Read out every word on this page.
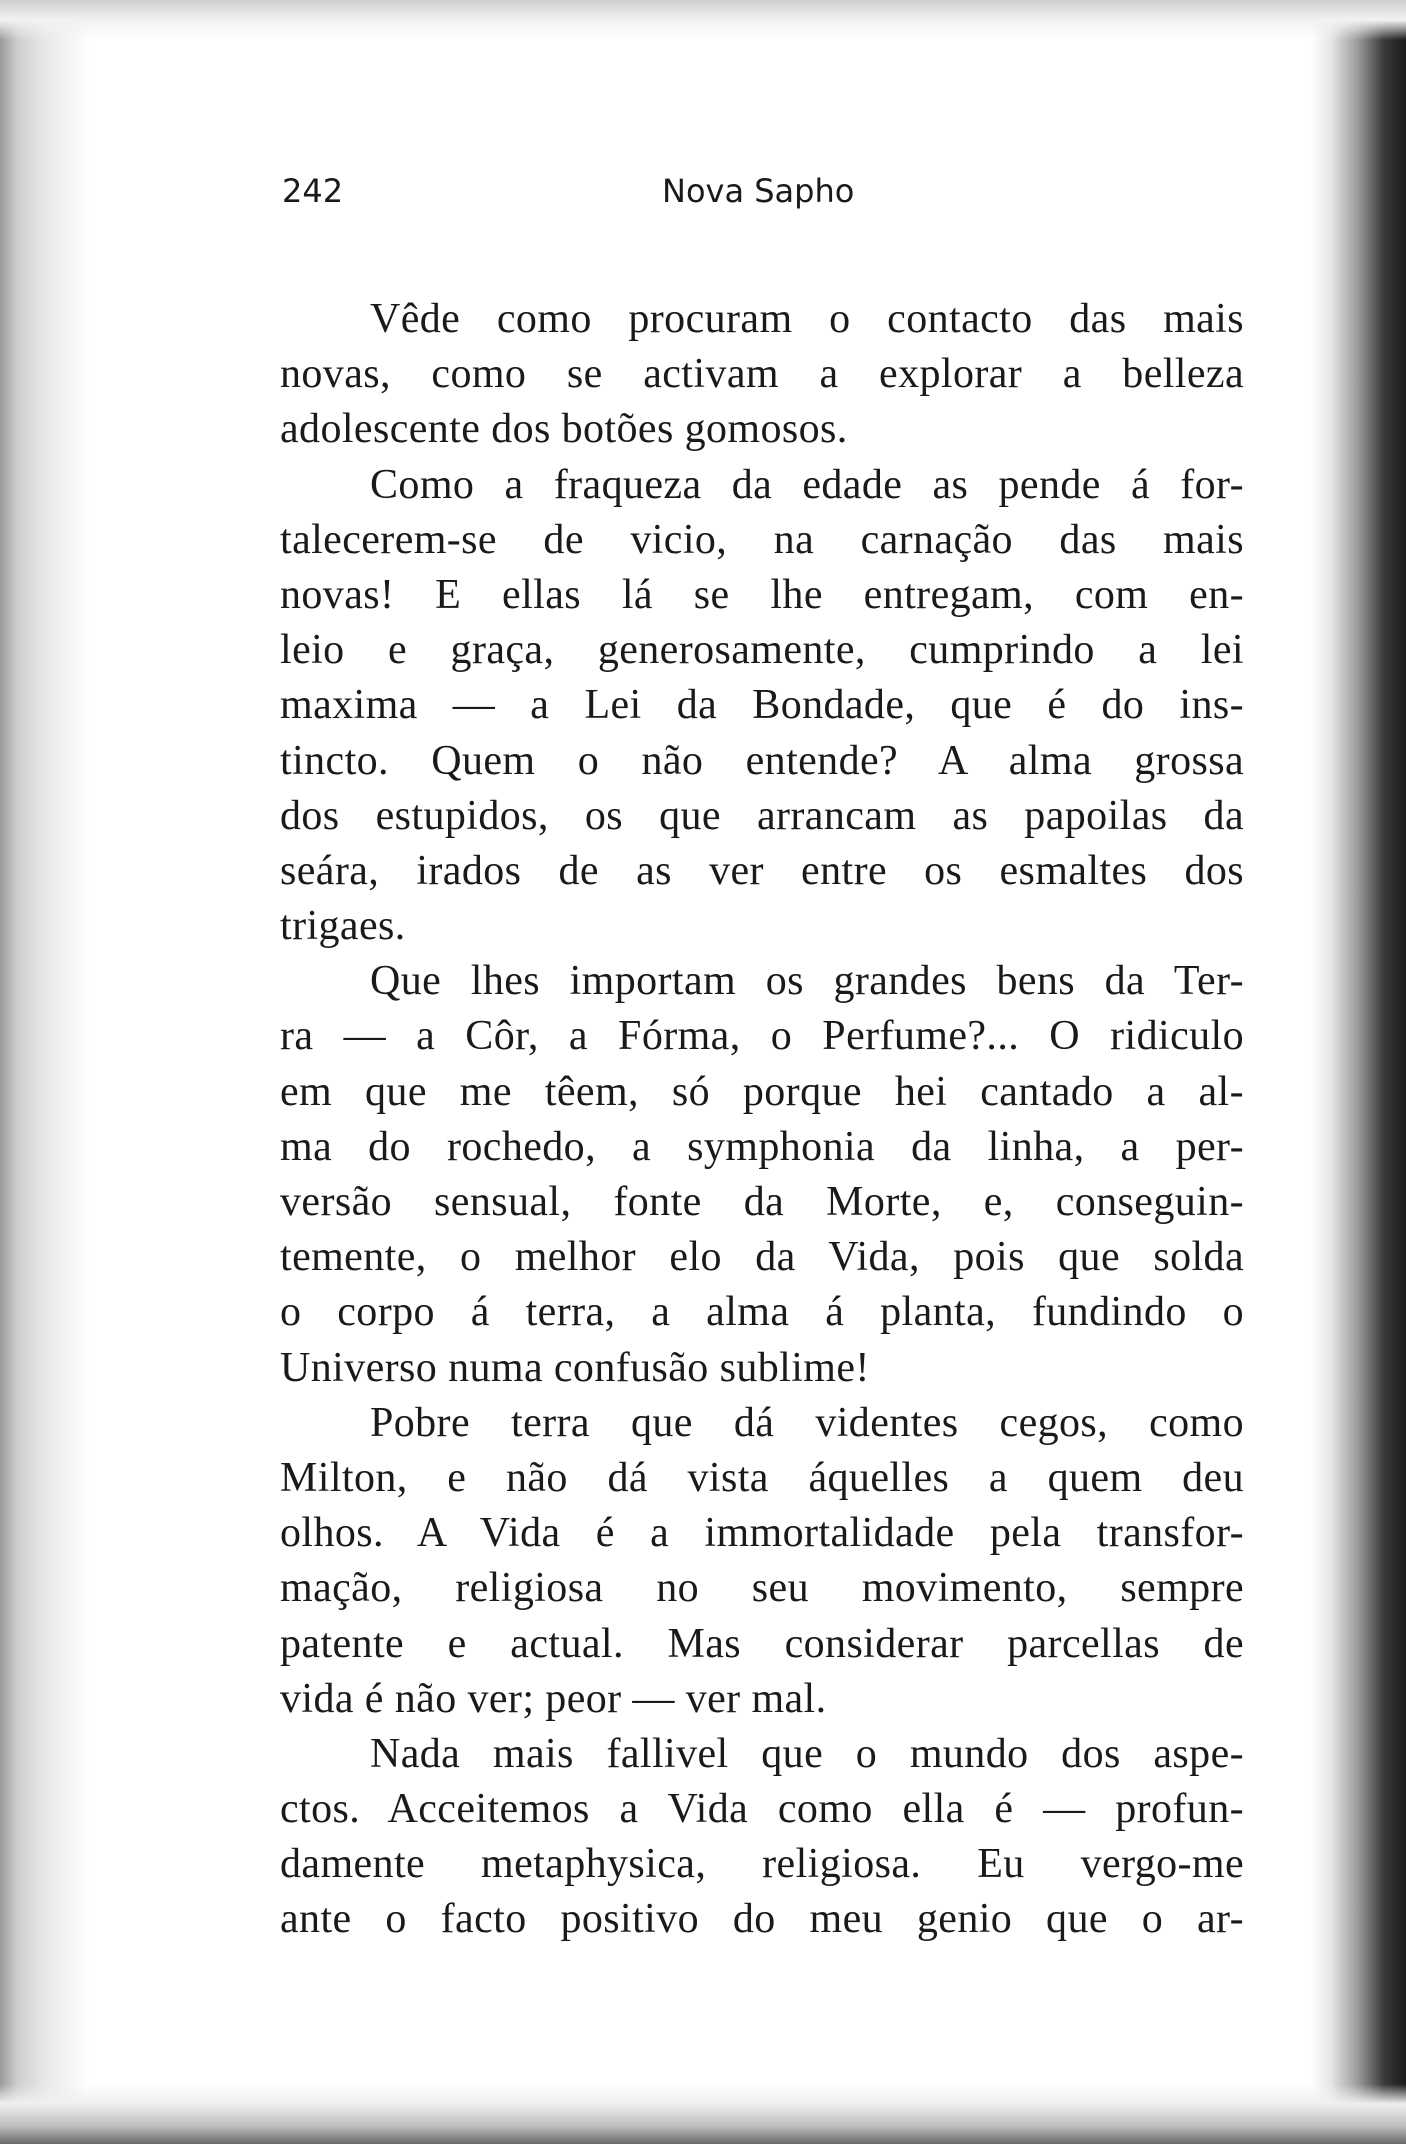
242	Nova Sapho
Vêde como procuram o contacto das mais
novas, como se activam a explorar a belleza
adolescente dos botões gomosos.
Como a fraqueza da edade as pende á for-
talecerem-se de vicio, na carnação das mais
novas! E ellas lá se lhe entregam, com en-
leio e graça, generosamente, cumprindo a lei
maxima — a Lei da Bondade, que é do ins-
tincto. Quem o não entende? A alma grossa
dos estupidos, os que arrancam as papoilas da
seára, irados de as ver entre os esmaltes dos
trigaes.
Que lhes importam os grandes bens da Ter-
ra — a Côr, a Fórma, o Perfume?... O ridiculo
em que me têem, só porque hei cantado a al-
ma do rochedo, a symphonia da linha, a per-
versão sensual, fonte da Morte, e, conseguin-
temente, o melhor elo da Vida, pois que solda
o corpo á terra, a alma á planta, fundindo o
Universo numa confusão sublime!
Pobre terra que dá videntes cegos, como
Milton, e não dá vista áquelles a quem deu
olhos. A Vida é a immortalidade pela transfor-
mação, religiosa no seu movimento, sempre
patente e actual. Mas considerar parcellas de
vida é não ver; peor — ver mal.
Nada mais fallivel que o mundo dos aspe-
ctos. Acceitemos a Vida como ella é — profun-
damente metaphysica, religiosa. Eu vergo-me
ante o facto positivo do meu genio que o ar-
